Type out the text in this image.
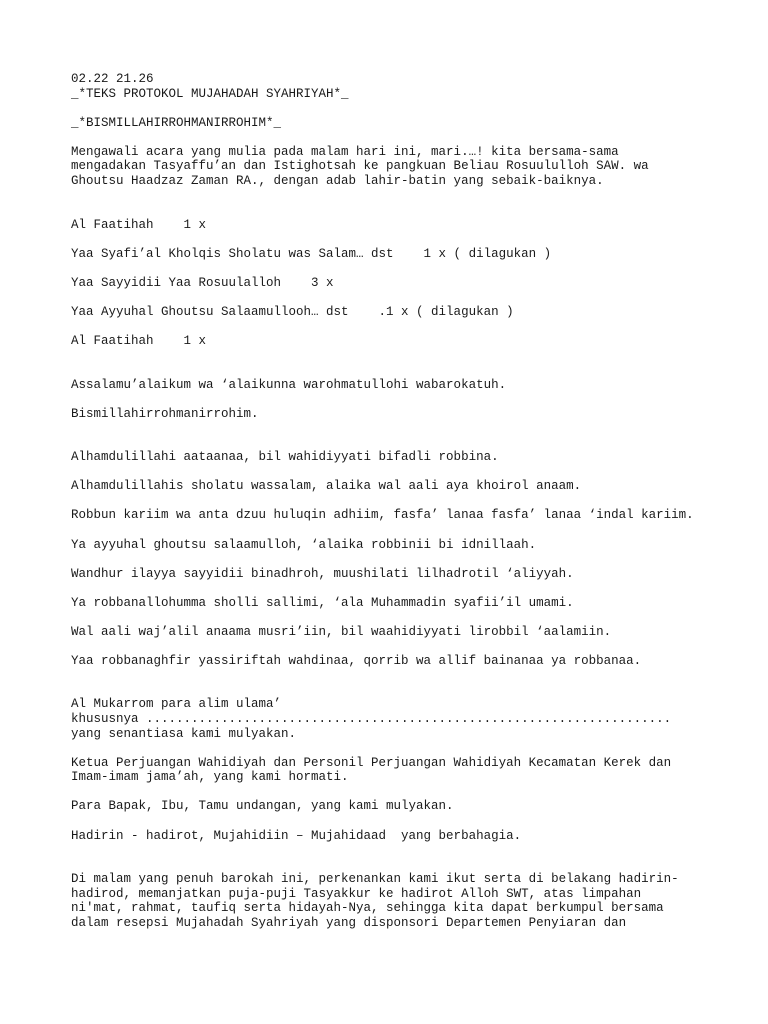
02.22 21.26
_*TEKS PROTOKOL MUJAHADAH SYAHRIYAH*_
_*BISMILLAHIRROHMANIRROHIM*_
Mengawali acara yang mulia pada malam hari ini, mari.…! kita bersama-sama
mengadakan Tasyaffu’an dan Istighotsah ke pangkuan Beliau Rosuululloh SAW. wa
Ghoutsu Haadzaz Zaman RA., dengan adab lahir-batin yang sebaik-baiknya.
Al Faatihah    1 x
Yaa Syafi’al Kholqis Sholatu was Salam… dst    1 x ( dilagukan )
Yaa Sayyidii Yaa Rosuulalloh    3 x
Yaa Ayyuhal Ghoutsu Salaamullooh… dst    .1 x ( dilagukan )
Al Faatihah    1 x
Assalamu’alaikum wa ‘alaikunna warohmatullohi wabarokatuh.
Bismillahirrohmanirrohim.
Alhamdulillahi aataanaa, bil wahidiyyati bifadli robbina.
Alhamdulillahis sholatu wassalam, alaika wal aali aya khoirol anaam.
Robbun kariim wa anta dzuu huluqin adhiim, fasfa’ lanaa fasfa’ lanaa ‘indal kariim.
Ya ayyuhal ghoutsu salaamulloh, ‘alaika robbinii bi idnillaah.
Wandhur ilayya sayyidii binadhroh, muushilati lilhadrotil ‘aliyyah.
Ya robbanallohumma sholli sallimi, ‘ala Muhammadin syafii’il umami.
Wal aali waj’alil anaama musri’iin, bil waahidiyyati lirobbil ‘aalamiin.
Yaa robbanaghfir yassiriftah wahdinaa, qorrib wa allif bainanaa ya robbanaa.
Al Mukarrom para alim ulama’
khususnya ......................................................................
yang senantiasa kami mulyakan.
Ketua Perjuangan Wahidiyah dan Personil Perjuangan Wahidiyah Kecamatan Kerek dan
Imam-imam jama’ah, yang kami hormati.
Para Bapak, Ibu, Tamu undangan, yang kami mulyakan.
Hadirin - hadirot, Mujahidiin – Mujahidaad  yang berbahagia.
Di malam yang penuh barokah ini, perkenankan kami ikut serta di belakang hadirin-
hadirod, memanjatkan puja-puji Tasyakkur ke hadirot Alloh SWT, atas limpahan
ni'mat, rahmat, taufiq serta hidayah-Nya, sehingga kita dapat berkumpul bersama
dalam resepsi Mujahadah Syahriyah yang disponsori Departemen Penyiaran dan
